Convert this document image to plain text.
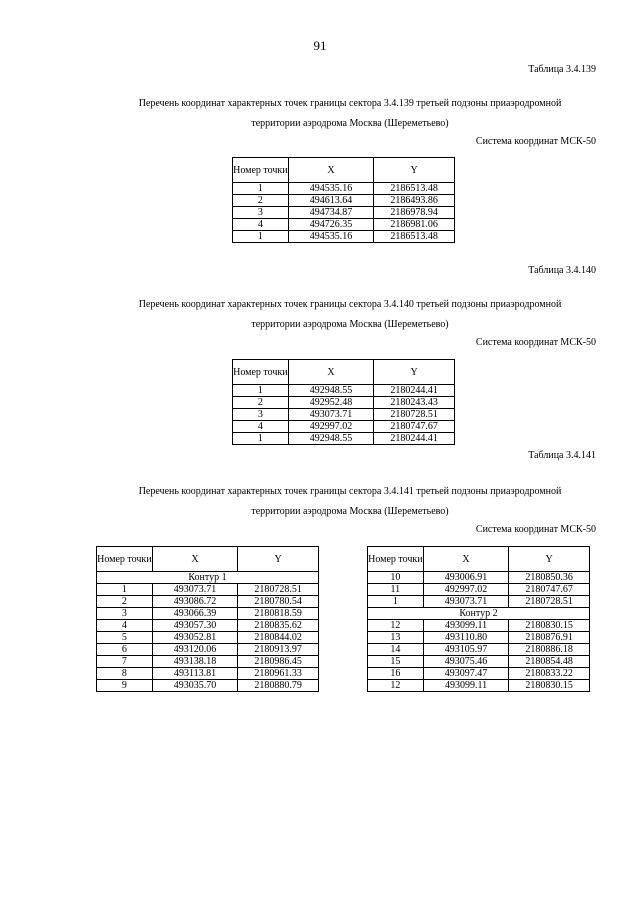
91
Таблица 3.4.139
Перечень координат характерных точек границы сектора 3.4.139 третьей подзоны приаэродромной
территории аэродрома Москва (Шереметьево)
Система координат МСК-50
Номер точки	X	Y
1	494535.16	2186513.48
2	494613.64	2186493.86
3	494734.87	2186978.94
4	494726.35	2186981.06
1	494535.16	2186513.48
Таблица 3.4.140
Перечень координат характерных точек границы сектора 3.4.140 третьей подзоны приаэродромной
территории аэродрома Москва (Шереметьево)
Система координат МСК-50
Номер точки	X	Y
1	492948.55	2180244.41
2	492952.48	2180243.43
3	493073.71	2180728.51
4	492997.02	2180747.67
1	492948.55	2180244.41
Таблица 3.4.141
Перечень координат характерных точек границы сектора 3.4.141 третьей подзоны приаэродромной
территории аэродрома Москва (Шереметьево)
Система координат МСК-50
Номер точки	X	Y
Контур 1		
1	493073.71	2180728.51
2	493086.72	2180780.54
3	493066.39	2180818.59
4	493057.30	2180835.62
5	493052.81	2180844.02
6	493120.06	2180913.97
7	493138.18	2180986.45
8	493113.81	2180961.33
9	493035.70	2180880.79
Номер точки	X	Y
10	493006.91	2180850.36
11	492997.02	2180747.67
1	493073.71	2180728.51
Контур 2		
12	493099.11	2180830.15
13	493110.80	2180876.91
14	493105.97	2180886.18
15	493075.46	2180854.48
16	493097.47	2180833.22
12	493099.11	2180830.15
